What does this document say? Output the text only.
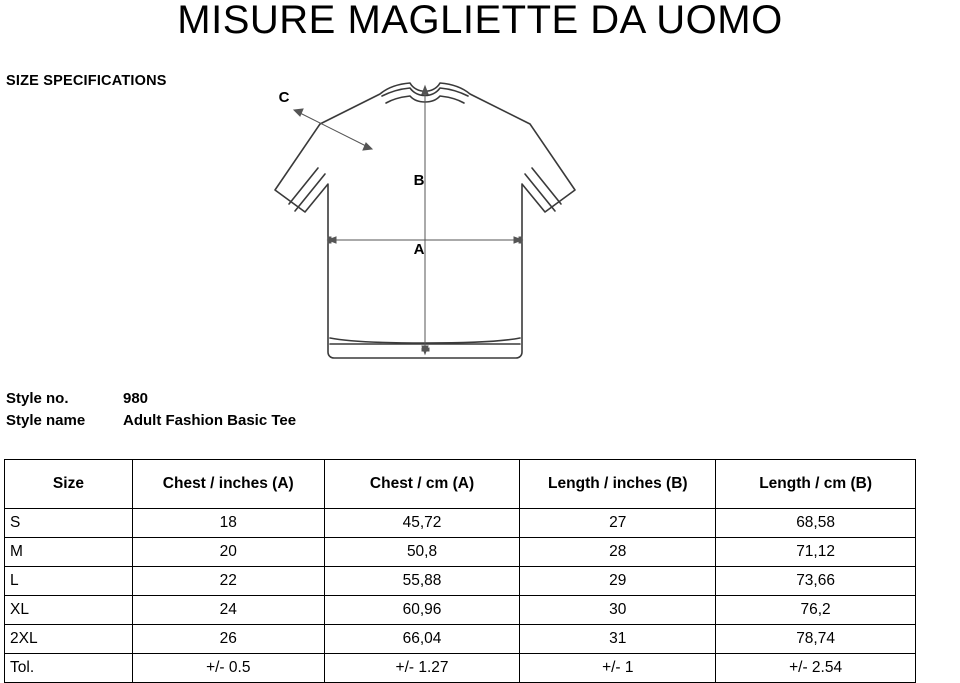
MISURE MAGLIETTE DA UOMO
SIZE SPECIFICATIONS
B
A
C
Style no.	980
Style name	Adult Fashion Basic Tee
Size	Chest / inches (A)	Chest / cm (A)	Length / inches (B)	Length / cm (B)
S	18	45,72	27	68,58
M	20	50,8	28	71,12
L	22	55,88	29	73,66
XL	24	60,96	30	76,2
2XL	26	66,04	31	78,74
Tol.	+/- 0.5	+/- 1.27	+/- 1	+/- 2.54
